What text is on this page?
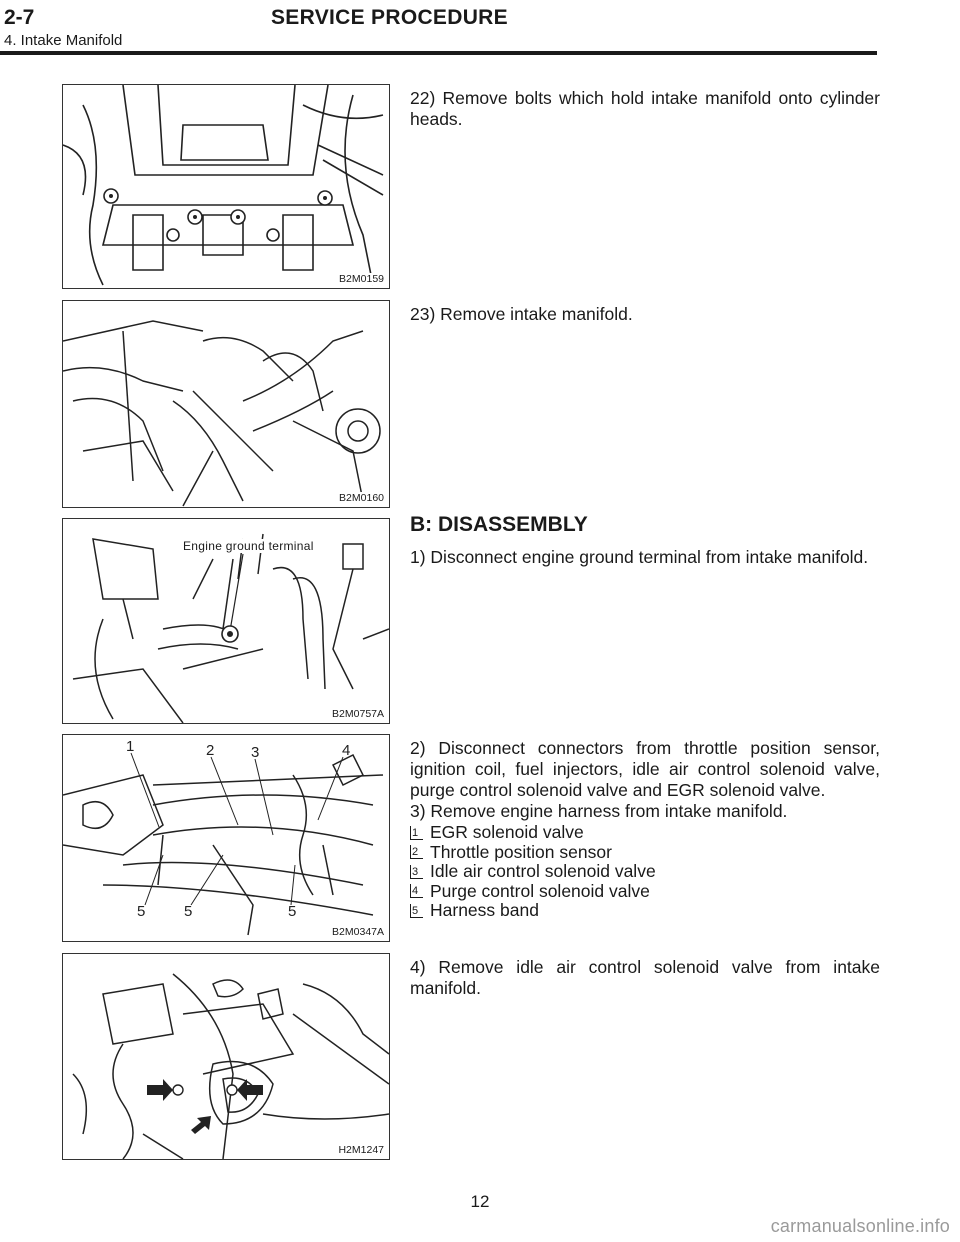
2-7	SERVICE PROCEDURE
4. Intake Manifold
B2M0159
B2M0160
Engine ground terminal
B2M0757A
1	2 3	4
5	5	5
B2M0347A
H2M1247

22) Remove bolts which hold intake manifold onto cylinder heads.

23) Remove intake manifold.

B: DISASSEMBLY

1) Disconnect engine ground terminal from intake manifold.

2) Disconnect connectors from throttle position sensor, ignition coil, fuel injectors, idle air control solenoid valve, purge control solenoid valve and EGR solenoid valve.

3) Remove engine harness from intake manifold.

1 EGR solenoid valve
2 Throttle position sensor
3 Idle air control solenoid valve
4 Purge control solenoid valve
5 Harness band

4) Remove idle air control solenoid valve from intake manifold.

12
carmanualsonline.info
